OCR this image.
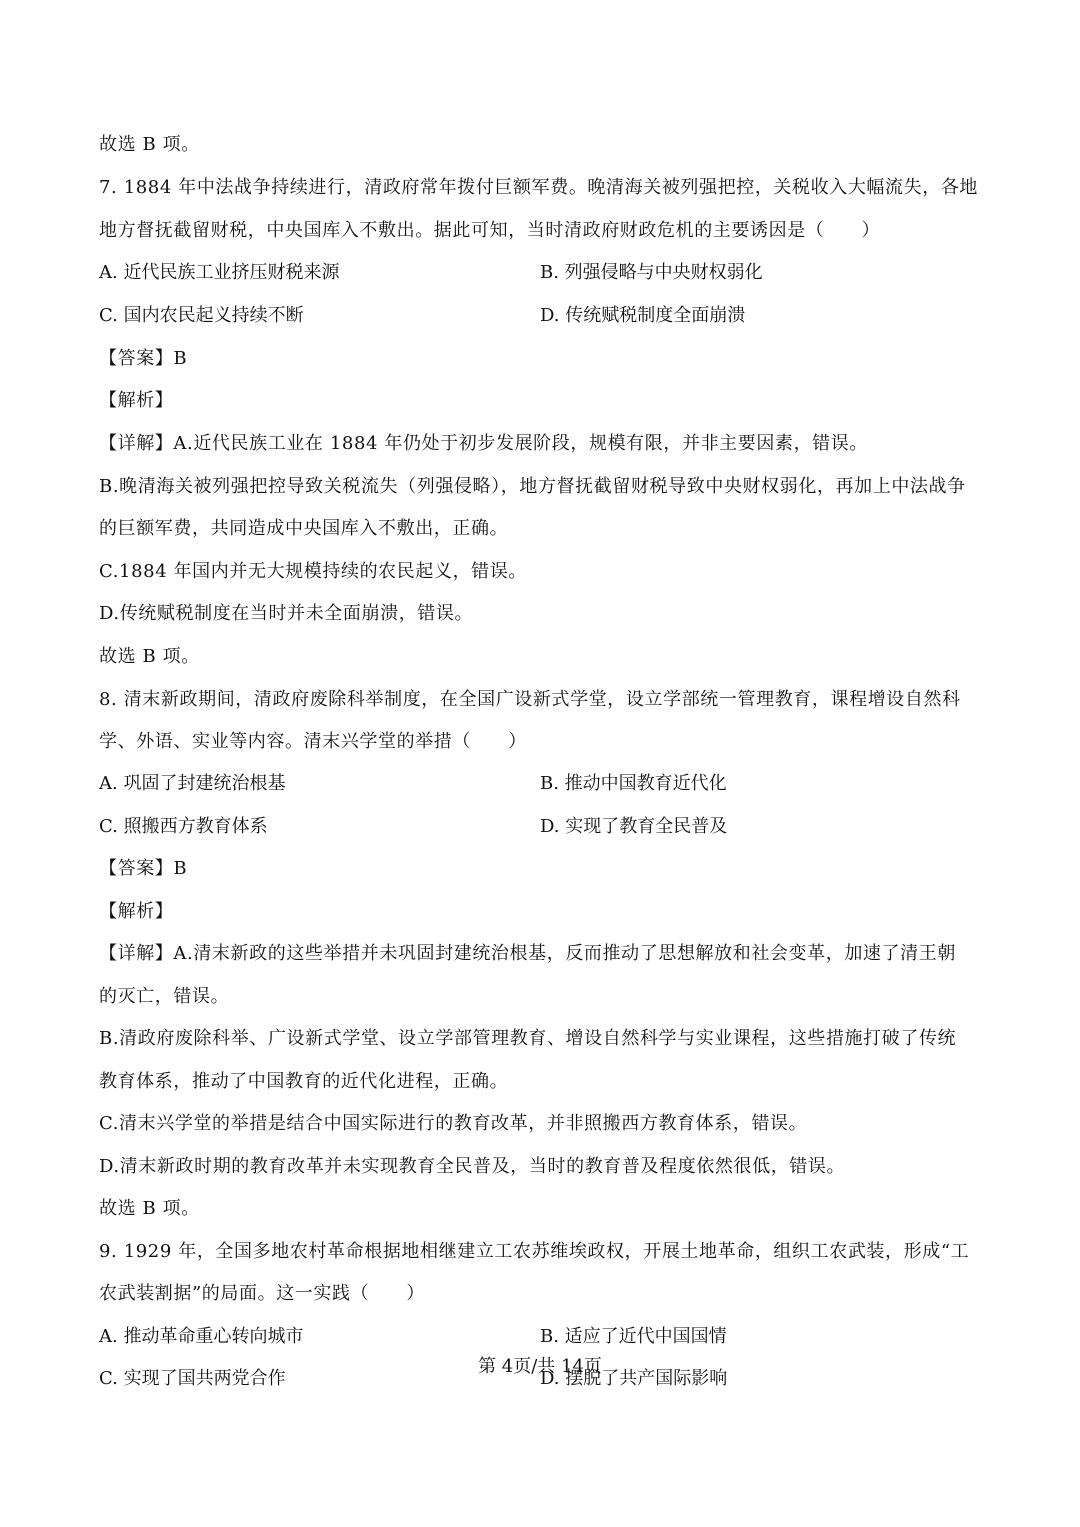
故选 B 项。
7. 1884 年中法战争持续进行，清政府常年拨付巨额军费。晚清海关被列强把控，关税收入大幅流失，各地
地方督抚截留财税，中央国库入不敷出。据此可知，当时清政府财政危机的主要诱因是（　　）
A. 近代民族工业挤压财税来源	B. 列强侵略与中央财权弱化
C. 国内农民起义持续不断	D. 传统赋税制度全面崩溃
【答案】B
【解析】
【详解】A.近代民族工业在 1884 年仍处于初步发展阶段，规模有限，并非主要因素，错误。
B.晚清海关被列强把控导致关税流失（列强侵略），地方督抚截留财税导致中央财权弱化，再加上中法战争
的巨额军费，共同造成中央国库入不敷出，正确。
C.1884 年国内并无大规模持续的农民起义，错误。
D.传统赋税制度在当时并未全面崩溃，错误。
故选 B 项。
8. 清末新政期间，清政府废除科举制度，在全国广设新式学堂，设立学部统一管理教育，课程增设自然科
学、外语、实业等内容。清末兴学堂的举措（　　）
A. 巩固了封建统治根基	B. 推动中国教育近代化
C. 照搬西方教育体系	D. 实现了教育全民普及
【答案】B
【解析】
【详解】A.清末新政的这些举措并未巩固封建统治根基，反而推动了思想解放和社会变革，加速了清王朝
的灭亡，错误。
B.清政府废除科举、广设新式学堂、设立学部管理教育、增设自然科学与实业课程，这些措施打破了传统
教育体系，推动了中国教育的近代化进程，正确。
C.清末兴学堂的举措是结合中国实际进行的教育改革，并非照搬西方教育体系，错误。
D.清末新政时期的教育改革并未实现教育全民普及，当时的教育普及程度依然很低，错误。
故选 B 项。
9. 1929 年，全国多地农村革命根据地相继建立工农苏维埃政权，开展土地革命，组织工农武装，形成“工
农武装割据”的局面。这一实践（　　）
A. 推动革命重心转向城市	B. 适应了近代中国国情
C. 实现了国共两党合作	D. 摆脱了共产国际影响
第 4页/共 14页
